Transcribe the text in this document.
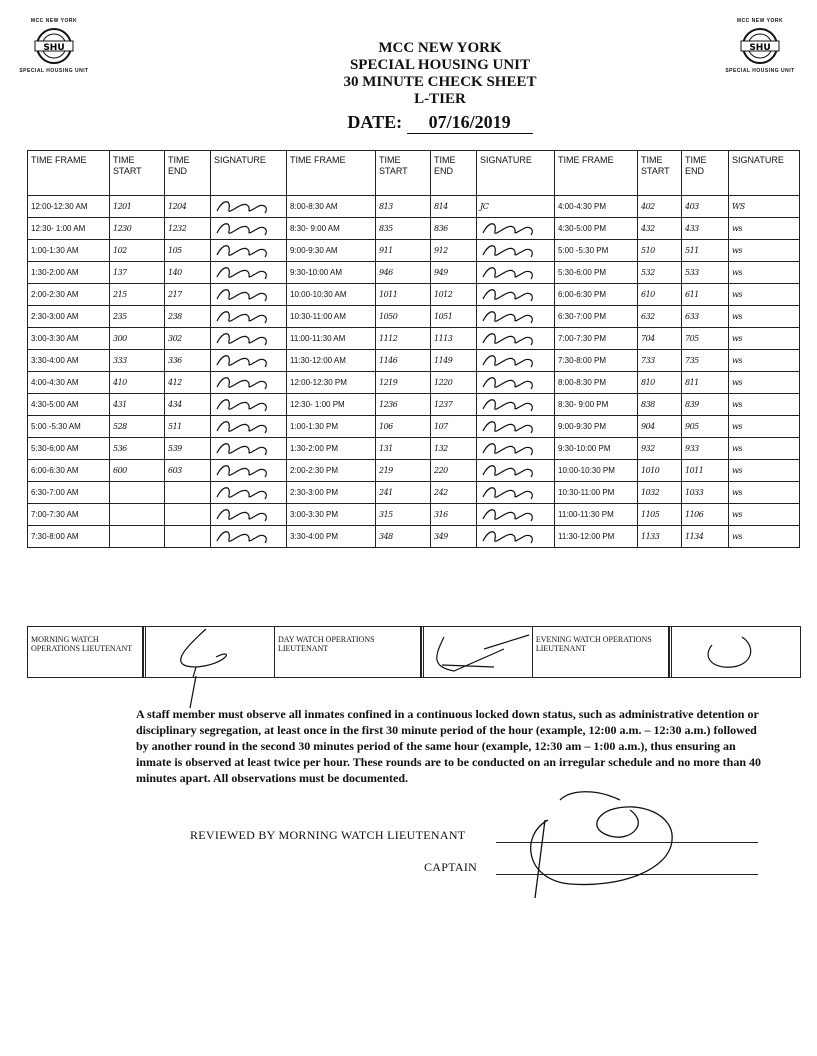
MCC NEW YORK
SHU
SPECIAL HOUSING UNIT
MCC NEW YORK
SHU
SPECIAL HOUSING UNIT
MCC NEW YORK
SPECIAL HOUSING UNIT
30 MINUTE CHECK SHEET
L-TIER
DATE: 07/16/2019
TIME FRAME	TIME START	TIME END	SIGNATURE	TIME FRAME	TIME START	TIME END	SIGNATURE	TIME FRAME	TIME START	TIME END	SIGNATURE
12:00-12:30 AM	1201	1204		8:00-8:30 AM	813	814	JC	4:00-4:30 PM	402	403	WS
12:30- 1:00 AM	1230	1232		8:30- 9:00 AM	835	836		4:30-5:00 PM	432	433	ws
1:00-1:30 AM	102	105		9:00-9:30 AM	911	912		5:00 -5:30 PM	510	511	ws
1:30-2:00 AM	137	140		9:30-10:00 AM	946	949		5:30-6:00 PM	532	533	ws
2:00-2:30 AM	215	217		10:00-10:30 AM	1011	1012		6:00-6:30 PM	610	611	ws
2:30-3:00 AM	235	238		10:30-11:00 AM	1050	1051		6:30-7:00 PM	632	633	ws
3:00-3:30 AM	300	302		11:00-11:30 AM	1112	1113		7:00-7:30 PM	704	705	ws
3:30-4:00 AM	333	336		11:30-12:00 AM	1146	1149		7:30-8:00 PM	733	735	ws
4:00-4:30 AM	410	412		12:00-12:30 PM	1219	1220		8:00-8:30 PM	810	811	ws
4:30-5:00 AM	431	434		12:30- 1:00 PM	1236	1237		8:30- 9:00 PM	838	839	ws
5:00 -5:30 AM	528	511		1:00-1:30 PM	106	107		9:00-9:30 PM	904	905	ws
5:30-6:00 AM	536	539		1:30-2:00 PM	131	132		9:30-10:00 PM	932	933	ws
6:00-6:30 AM	600	603		2:00-2:30 PM	219	220		10:00-10:30 PM	1010	1011	ws
6:30-7:00 AM				2:30-3:00 PM	241	242		10:30-11:00 PM	1032	1033	ws
7:00-7:30 AM				3:00-3:30 PM	315	316		11:00-11:30 PM	1105	1106	ws
7:30-8:00 AM				3:30-4:00 PM	348	349		11:30-12:00 PM	1133	1134	ws
MORNING WATCH OPERATIONS LIEUTENANT
DAY WATCH OPERATIONS LIEUTENANT
EVENING WATCH OPERATIONS LIEUTENANT
A staff member must observe all inmates confined in a continuous locked down status, such as administrative detention or disciplinary segregation, at least once in the first 30 minute period of the hour (example, 12:00 a.m. – 12:30 a.m.) followed by another round in the second 30 minutes period of the same hour (example, 12:30 am – 1:00 a.m.), thus ensuring an inmate is observed at least twice per hour. These rounds are to be conducted on an irregular schedule and no more than 40 minutes apart. All observations must be documented.
REVIEWED BY MORNING WATCH LIEUTENANT
CAPTAIN
